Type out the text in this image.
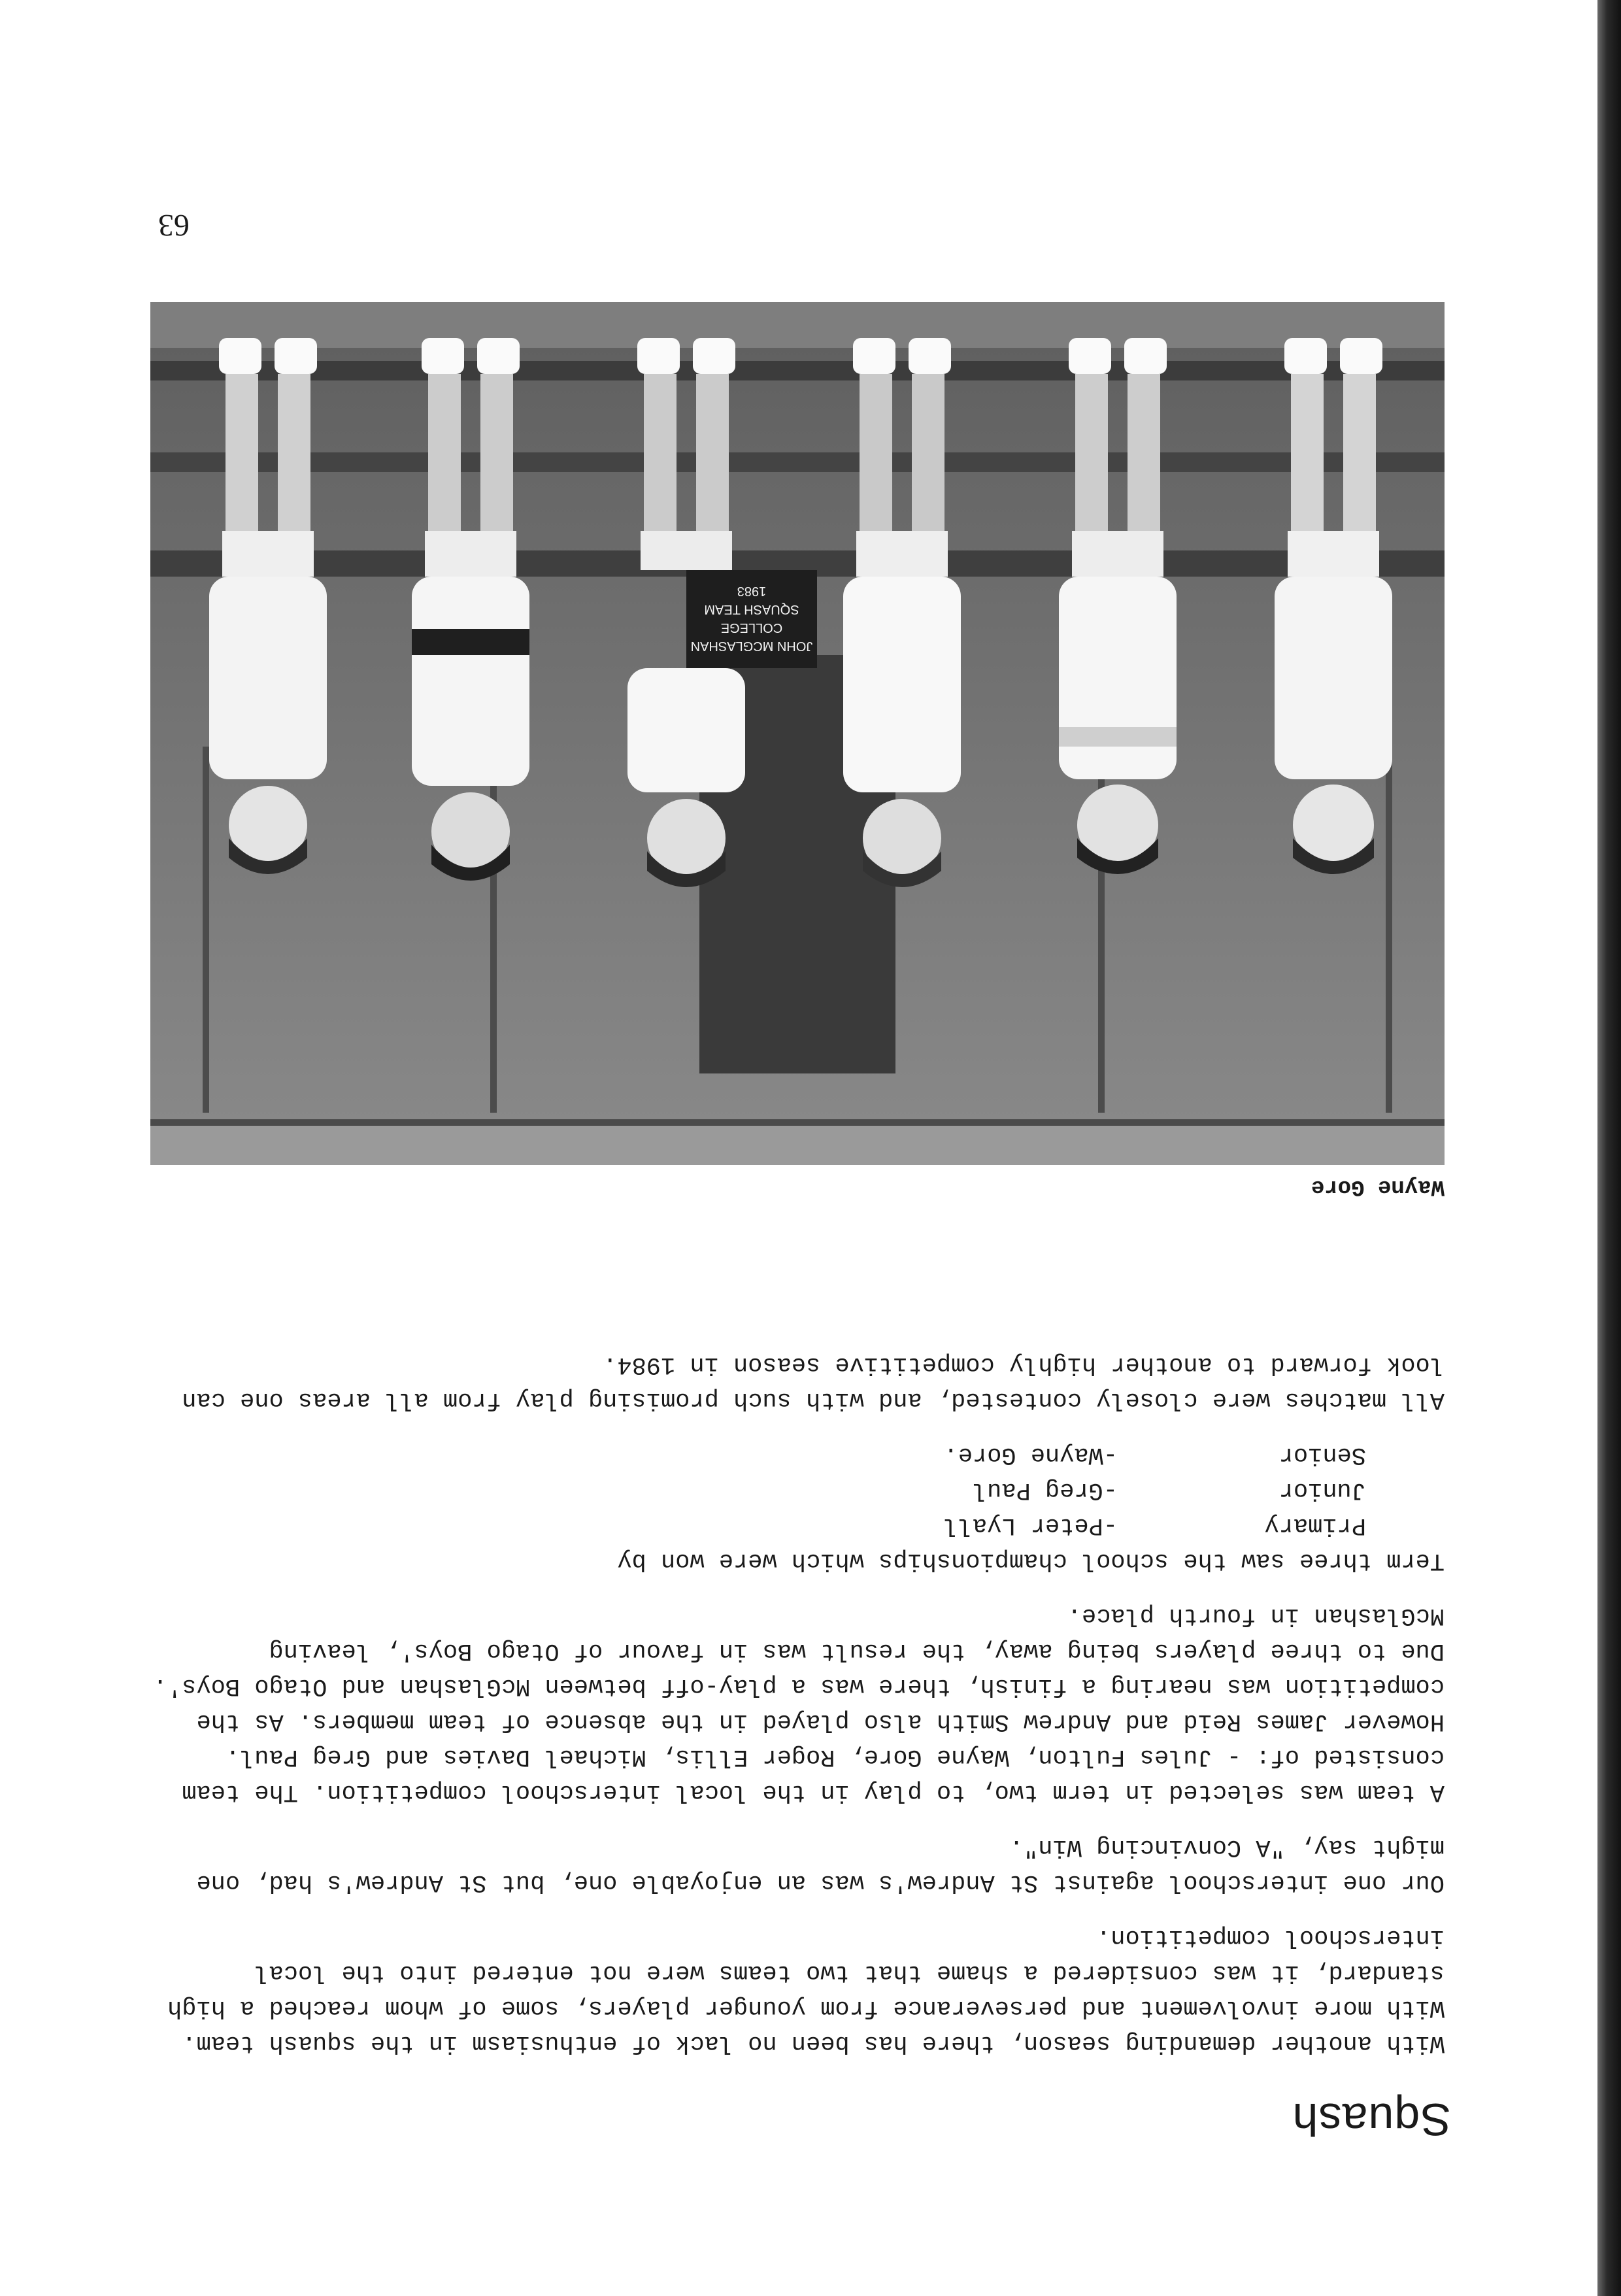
Squash

With another demanding season, there has been no lack of enthusiasm in the squash team. With more involvement and perseverance from younger players, some of whom reached a high standard, it was considered a shame that two teams were not entered into the local interschool competition.

Our one interschool against St Andrew's was an enjoyable one, but St Andrew's had, one might say, "A Convincing Win".

A team was selected in term two, to play in the local interschool competition. The team consisted of: - Jules Fulton, Wayne Gore, Roger Ellis, Michael Davies and Greg Paul. However James Reid and Andrew Smith also played in the absence of team members. As the competition was nearing a finish, there was a play-off between McGlashan and Otago Boys'. Due to three players being away, the result was in favour of Otago Boys', leaving McGlashan in fourth place.

Term three saw the school championships which were won by

Primary	-Peter Lyall
Junior	-Greg Paul
Senior	-Wayne Gore.

All matches were closely contested, and with such promising play from all areas one can look forward to another highly competitive season in 1984.

Wayne Gore
JOHN MCGLASHAN
COLLEGE
SQUASH TEAM
1983
63
